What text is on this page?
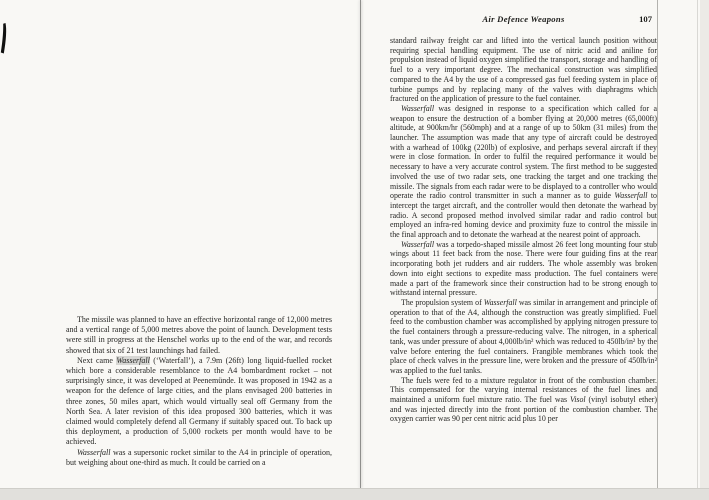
The missile was planned to have an effective horizontal range of 12,000 metres and a vertical range of 5,000 metres above the point of launch. Development tests were still in progress at the Henschel works up to the end of the war, and records showed that six of 21 test launchings had failed.

Next came Wasserfall (‘Waterfall’), a 7.9m (26ft) long liquid-fuelled rocket which bore a considerable resemblance to the A4 bombardment rocket – not surprisingly since, it was developed at Peenemünde. It was proposed in 1942 as a weapon for the defence of large cities, and the plans envisaged 200 batteries in three zones, 50 miles apart, which would virtually seal off Germany from the North Sea. A later revision of this idea proposed 300 batteries, which it was claimed would completely defend all Germany if suitably spaced out. To back up this deployment, a production of 5,000 rockets per month would have to be achieved.

Wasserfall was a supersonic rocket similar to the A4 in principle of operation, but weighing about one-third as much. It could be carried on a

Air Defence Weapons	107

standard railway freight car and lifted into the vertical launch position without requiring special handling equipment. The use of nitric acid and aniline for propulsion instead of liquid oxygen simplified the transport, storage and handling of fuel to a very important degree. The mechanical construction was simplified compared to the A4 by the use of a compressed gas fuel feeding system in place of turbine pumps and by replacing many of the valves with diaphragms which fractured on the application of pressure to the fuel container.

Wasserfall was designed in response to a specification which called for a weapon to ensure the destruction of a bomber flying at 20,000 metres (65,000ft) altitude, at 900km/hr (560mph) and at a range of up to 50km (31 miles) from the launcher. The assumption was made that any type of aircraft could be destroyed with a warhead of 100kg (220lb) of explosive, and perhaps several aircraft if they were in close formation. In order to fulfil the required performance it would be necessary to have a very accurate control system. The first method to be suggested involved the use of two radar sets, one tracking the target and one tracking the missile. The signals from each radar were to be displayed to a controller who would operate the radio control transmitter in such a manner as to guide Wasserfall to intercept the target aircraft, and the controller would then detonate the warhead by radio. A second proposed method involved similar radar and radio control but employed an infra-red homing device and proximity fuze to control the missile in the final approach and to detonate the warhead at the nearest point of approach.

Wasserfall was a torpedo-shaped missile almost 26 feet long mounting four stub wings about 11 feet back from the nose. There were four guiding fins at the rear incorporating both jet rudders and air rudders. The whole assembly was broken down into eight sections to expedite mass production. The fuel containers were made a part of the framework since their construction had to be strong enough to withstand internal pressure.

The propulsion system of Wasserfall was similar in arrangement and principle of operation to that of the A4, although the construction was greatly simplified. Fuel feed to the combustion chamber was accomplished by applying nitrogen pressure to the fuel containers through a pressure-reducing valve. The nitrogen, in a spherical tank, was under pressure of about 4,000lb/in² which was reduced to 450lb/in² by the valve before entering the fuel containers. Frangible membranes which took the place of check valves in the pressure line, were broken and the pressure of 450lb/in² was applied to the fuel tanks.

The fuels were fed to a mixture regulator in front of the combustion chamber. This compensated for the varying internal resistances of the fuel lines and maintained a uniform fuel mixture ratio. The fuel was Visol (vinyl isobutyl ether) and was injected directly into the front portion of the combustion chamber. The oxygen carrier was 90 per cent nitric acid plus 10 per
